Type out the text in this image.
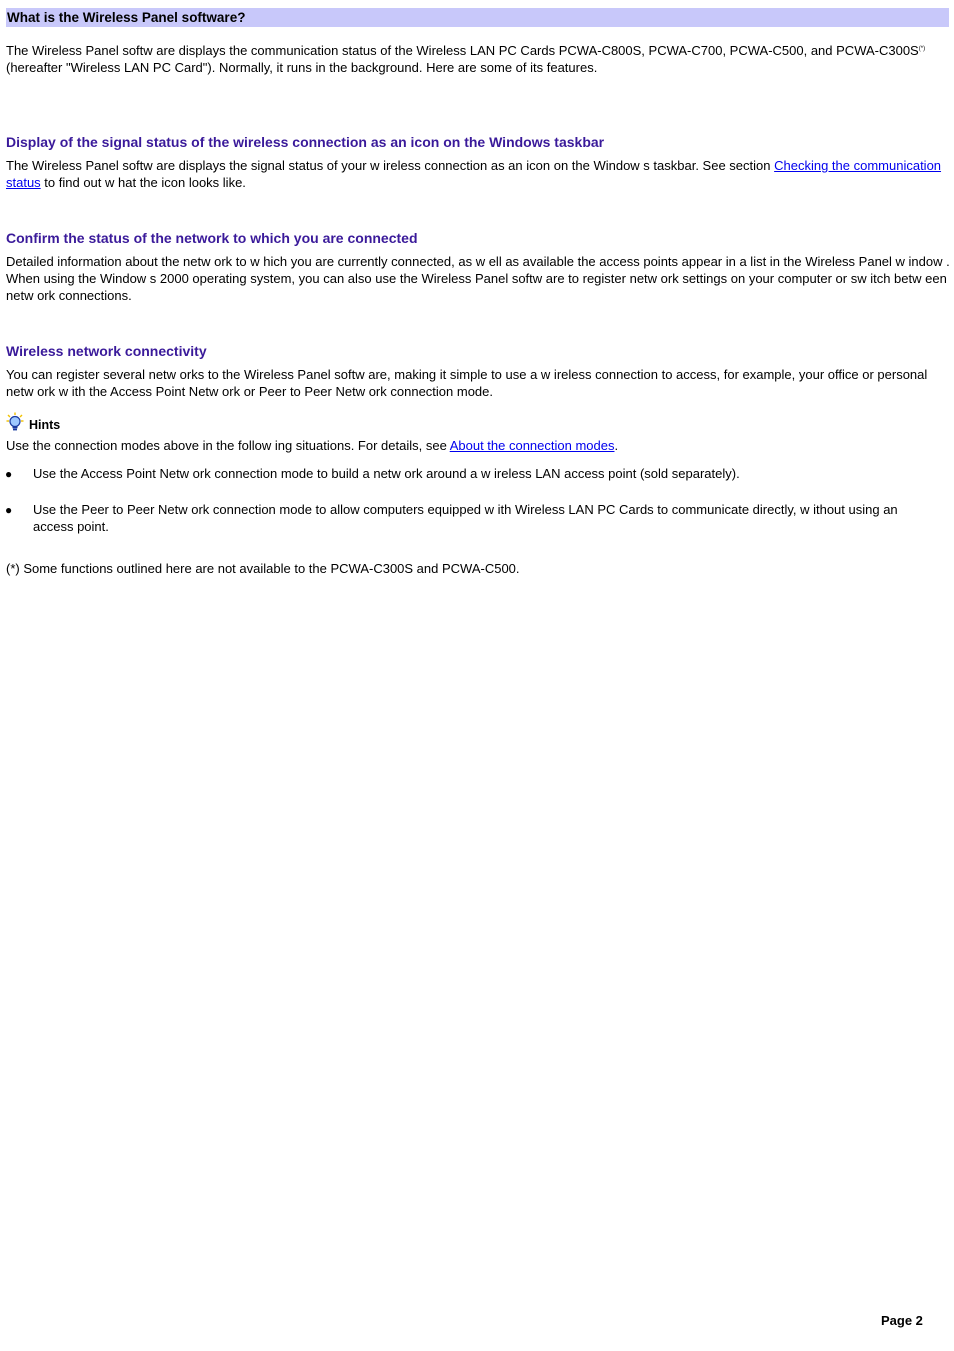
What is the Wireless Panel software?
The Wireless Panel softw are displays the communication status of the Wireless LAN PC Cards PCWA-C800S, PCWA-C700, PCWA-C500, and PCWA-C300S(*)
(hereafter "Wireless LAN PC Card"). Normally, it runs in the background. Here are some of its features.
Display of the signal status of the wireless connection as an icon on the Windows taskbar
The Wireless Panel softw are displays the signal status of your w ireless connection as an icon on the Window s taskbar. See section Checking the communication status to find out w hat the icon looks like.
Confirm the status of the network to which you are connected
Detailed information about the netw ork to w hich you are currently connected, as w ell as available the access points appear in a list in the Wireless Panel w indow . When using the Window s 2000 operating system, you can also use the Wireless Panel softw are to register netw ork settings on your computer or sw itch betw een netw ork connections.
Wireless network connectivity
You can register several netw orks to the Wireless Panel softw are, making it simple to use a w ireless connection to access, for example, your office or personal netw ork w ith the Access Point Netw ork or Peer to Peer Netw ork connection mode.
Hints
Use the connection modes above in the follow ing situations. For details, see About the connection modes.
● Use the Access Point Netw ork connection mode to build a netw ork around a w ireless LAN access point (sold separately).
● Use the Peer to Peer Netw ork connection mode to allow computers equipped w ith Wireless LAN PC Cards to communicate directly, w ithout using an access point.
(*) Some functions outlined here are not available to the PCWA-C300S and PCWA-C500.
Page 2
